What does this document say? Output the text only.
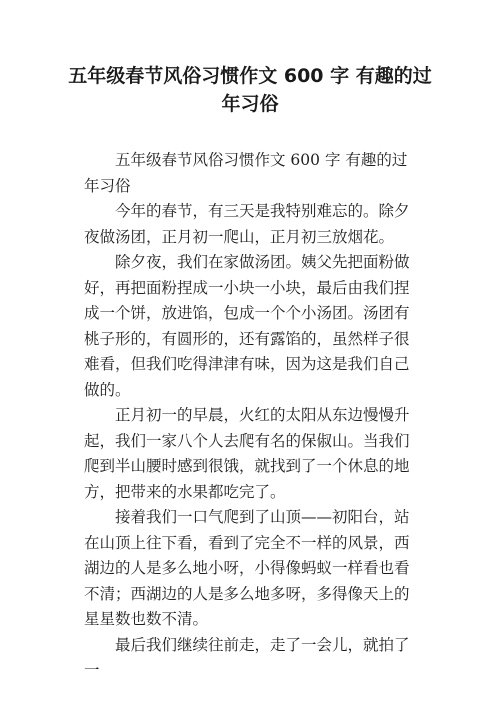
五年级春节风俗习惯作文 600 字 有趣的过年习俗

五年级春节风俗习惯作文 600 字 有趣的过年习俗

今年的春节，有三天是我特别难忘的。除夕夜做汤团，正月初一爬山，正月初三放烟花。

除夕夜，我们在家做汤团。姨父先把面粉做好，再把面粉捏成一小块一小块，最后由我们捏成一个饼，放进馅，包成一个个小汤团。汤团有桃子形的，有圆形的，还有露馅的，虽然样子很难看，但我们吃得津津有味，因为这是我们自己做的。

正月初一的早晨，火红的太阳从东边慢慢升起，我们一家八个人去爬有名的保俶山。当我们爬到半山腰时感到很饿，就找到了一个休息的地方，把带来的水果都吃完了。

接着我们一口气爬到了山顶——初阳台，站在山顶上往下看，看到了完全不一样的风景，西湖边的人是多么地小呀，小得像蚂蚁一样看也看不清；西湖边的人是多么地多呀，多得像天上的星星数也数不清。

最后我们继续往前走，走了一会儿，就拍了一
